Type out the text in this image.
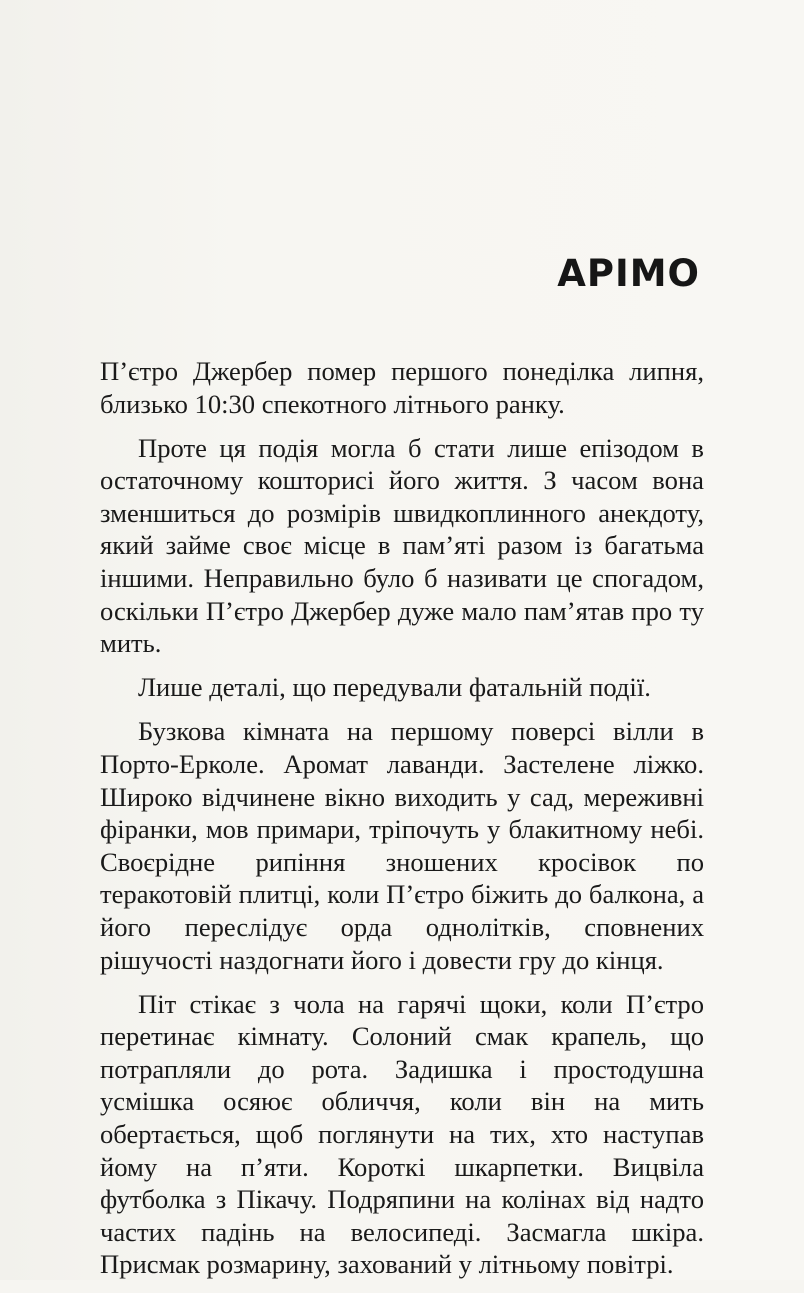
АРІМО

П’єтро Джербер помер першого понеділка липня, близько 10:30 спекотного літнього ранку.

Проте ця подія могла б стати лише епізодом в остаточному кошторисі його життя. З часом вона зменшиться до розмірів швидкоплинного анекдоту, який займе своє місце в пам’яті разом із багатьма іншими. Неправильно було б називати це спогадом, оскільки П’єтро Джербер дуже мало пам’ятав про ту мить.

Лише деталі, що передували фатальній події.

Бузкова кімната на першому поверсі вілли в Порто-Ерколе. Аромат лаванди. Застелене ліжко. Широко відчинене вікно виходить у сад, мереживні фіранки, мов примари, тріпочуть у блакитному небі. Своєрідне рипіння зношених кросівок по теракотовій плитці, коли П’єтро біжить до балкона, а його переслідує орда однолітків, сповнених рішучості наздогнати його і довести гру до кінця.

Піт стікає з чола на гарячі щоки, коли П’єтро перетинає кімнату. Солоний смак крапель, що потрапляли до рота. Задишка і простодушна усмішка осяює обличчя, коли він на мить обертається, щоб поглянути на тих, хто наступав йому на п’яти. Короткі шкарпетки. Вицвіла футболка з Пікачу. Подряпини на колінах від надто частих падінь на велосипеді. Засмагла шкіра. Присмак розмарину, захований у літньому повітрі.
